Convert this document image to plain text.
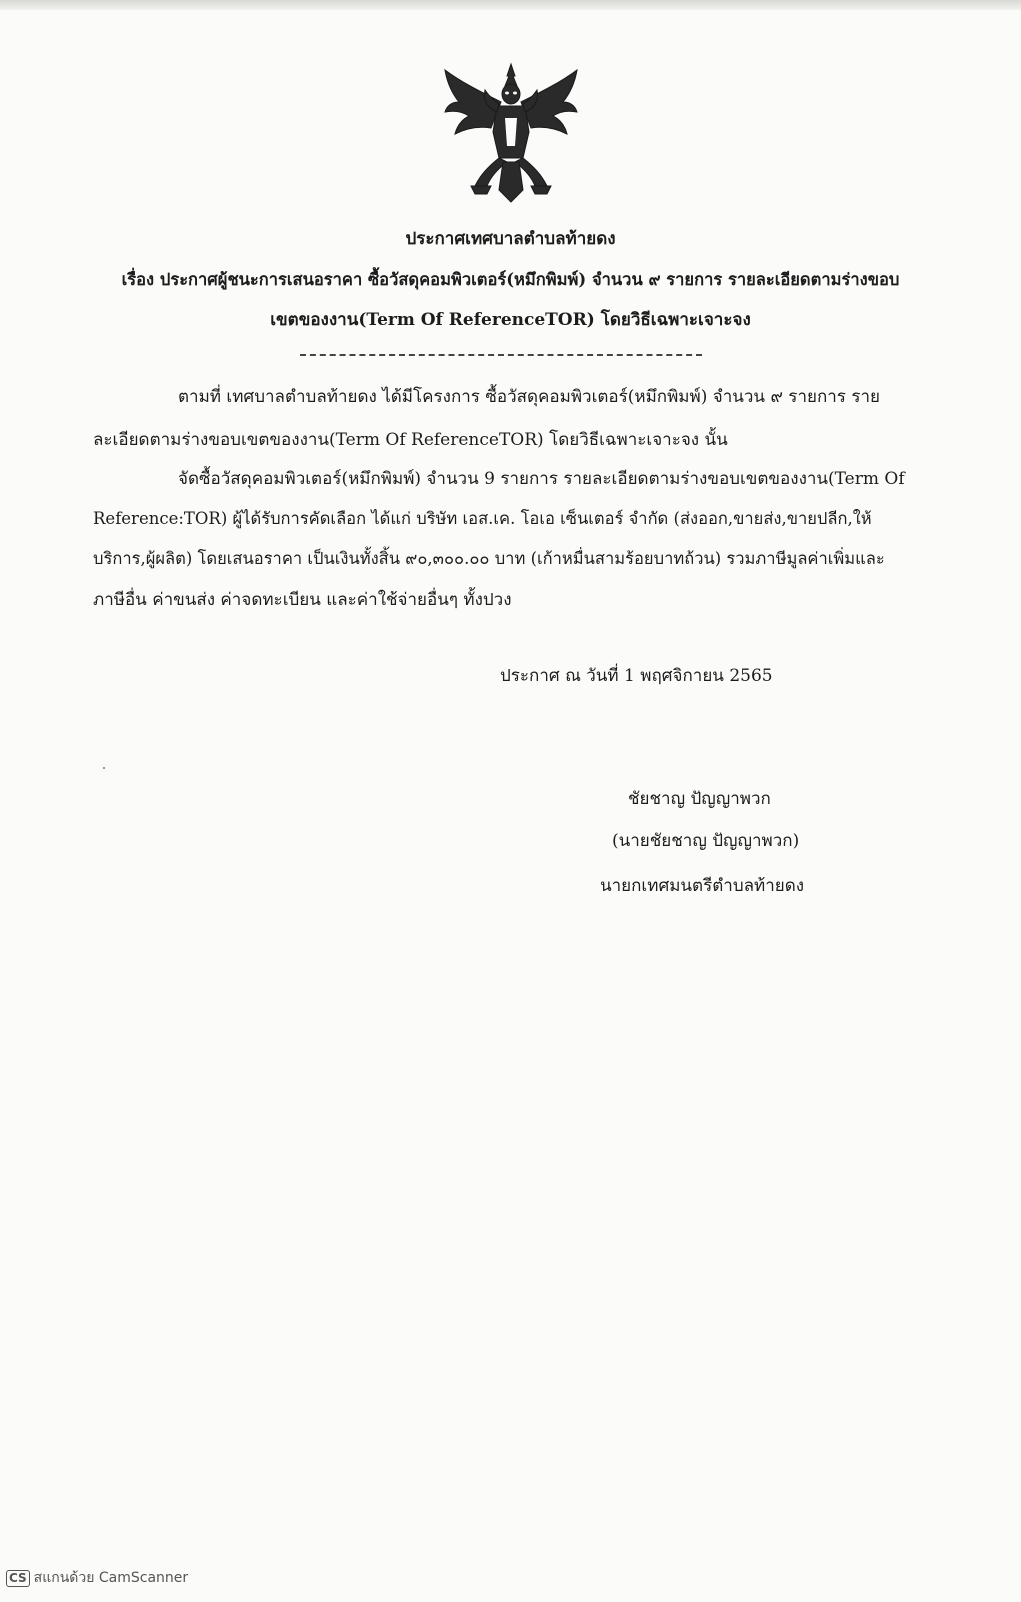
ประกาศเทศบาลตำบลท้ายดง
เรื่อง ประกาศผู้ชนะการเสนอราคา ซื้อวัสดุคอมพิวเตอร์(หมึกพิมพ์) จำนวน ๙ รายการ รายละเอียดตามร่างขอบ
เขตของงาน(Term Of ReferenceTOR) โดยวิธีเฉพาะเจาะจง
ตามที่ เทศบาลตำบลท้ายดง ได้มีโครงการ ซื้อวัสดุคอมพิวเตอร์(หมึกพิมพ์) จำนวน ๙ รายการ ราย
ละเอียดตามร่างขอบเขตของงาน(Term Of ReferenceTOR) โดยวิธีเฉพาะเจาะจง นั้น
จัดซื้อวัสดุคอมพิวเตอร์(หมึกพิมพ์) จำนวน 9 รายการ รายละเอียดตามร่างขอบเขตของงาน(Term Of
Reference:TOR) ผู้ได้รับการคัดเลือก ได้แก่ บริษัท เอส.เค. โอเอ เซ็นเตอร์ จำกัด (ส่งออก,ขายส่ง,ขายปลีก,ให้
บริการ,ผู้ผลิต) โดยเสนอราคา เป็นเงินทั้งสิ้น ๙๐,๓๐๐.๐๐ บาท (เก้าหมื่นสามร้อยบาทถ้วน) รวมภาษีมูลค่าเพิ่มและ
ภาษีอื่น ค่าขนส่ง ค่าจดทะเบียน และค่าใช้จ่ายอื่นๆ ทั้งปวง
ประกาศ ณ วันที่ 1 พฤศจิกายน 2565
ชัยชาญ ปัญญาพวก
(นายชัยชาญ ปัญญาพวก)
นายกเทศมนตรีตำบลท้ายดง
CS สแกนด้วย CamScanner
